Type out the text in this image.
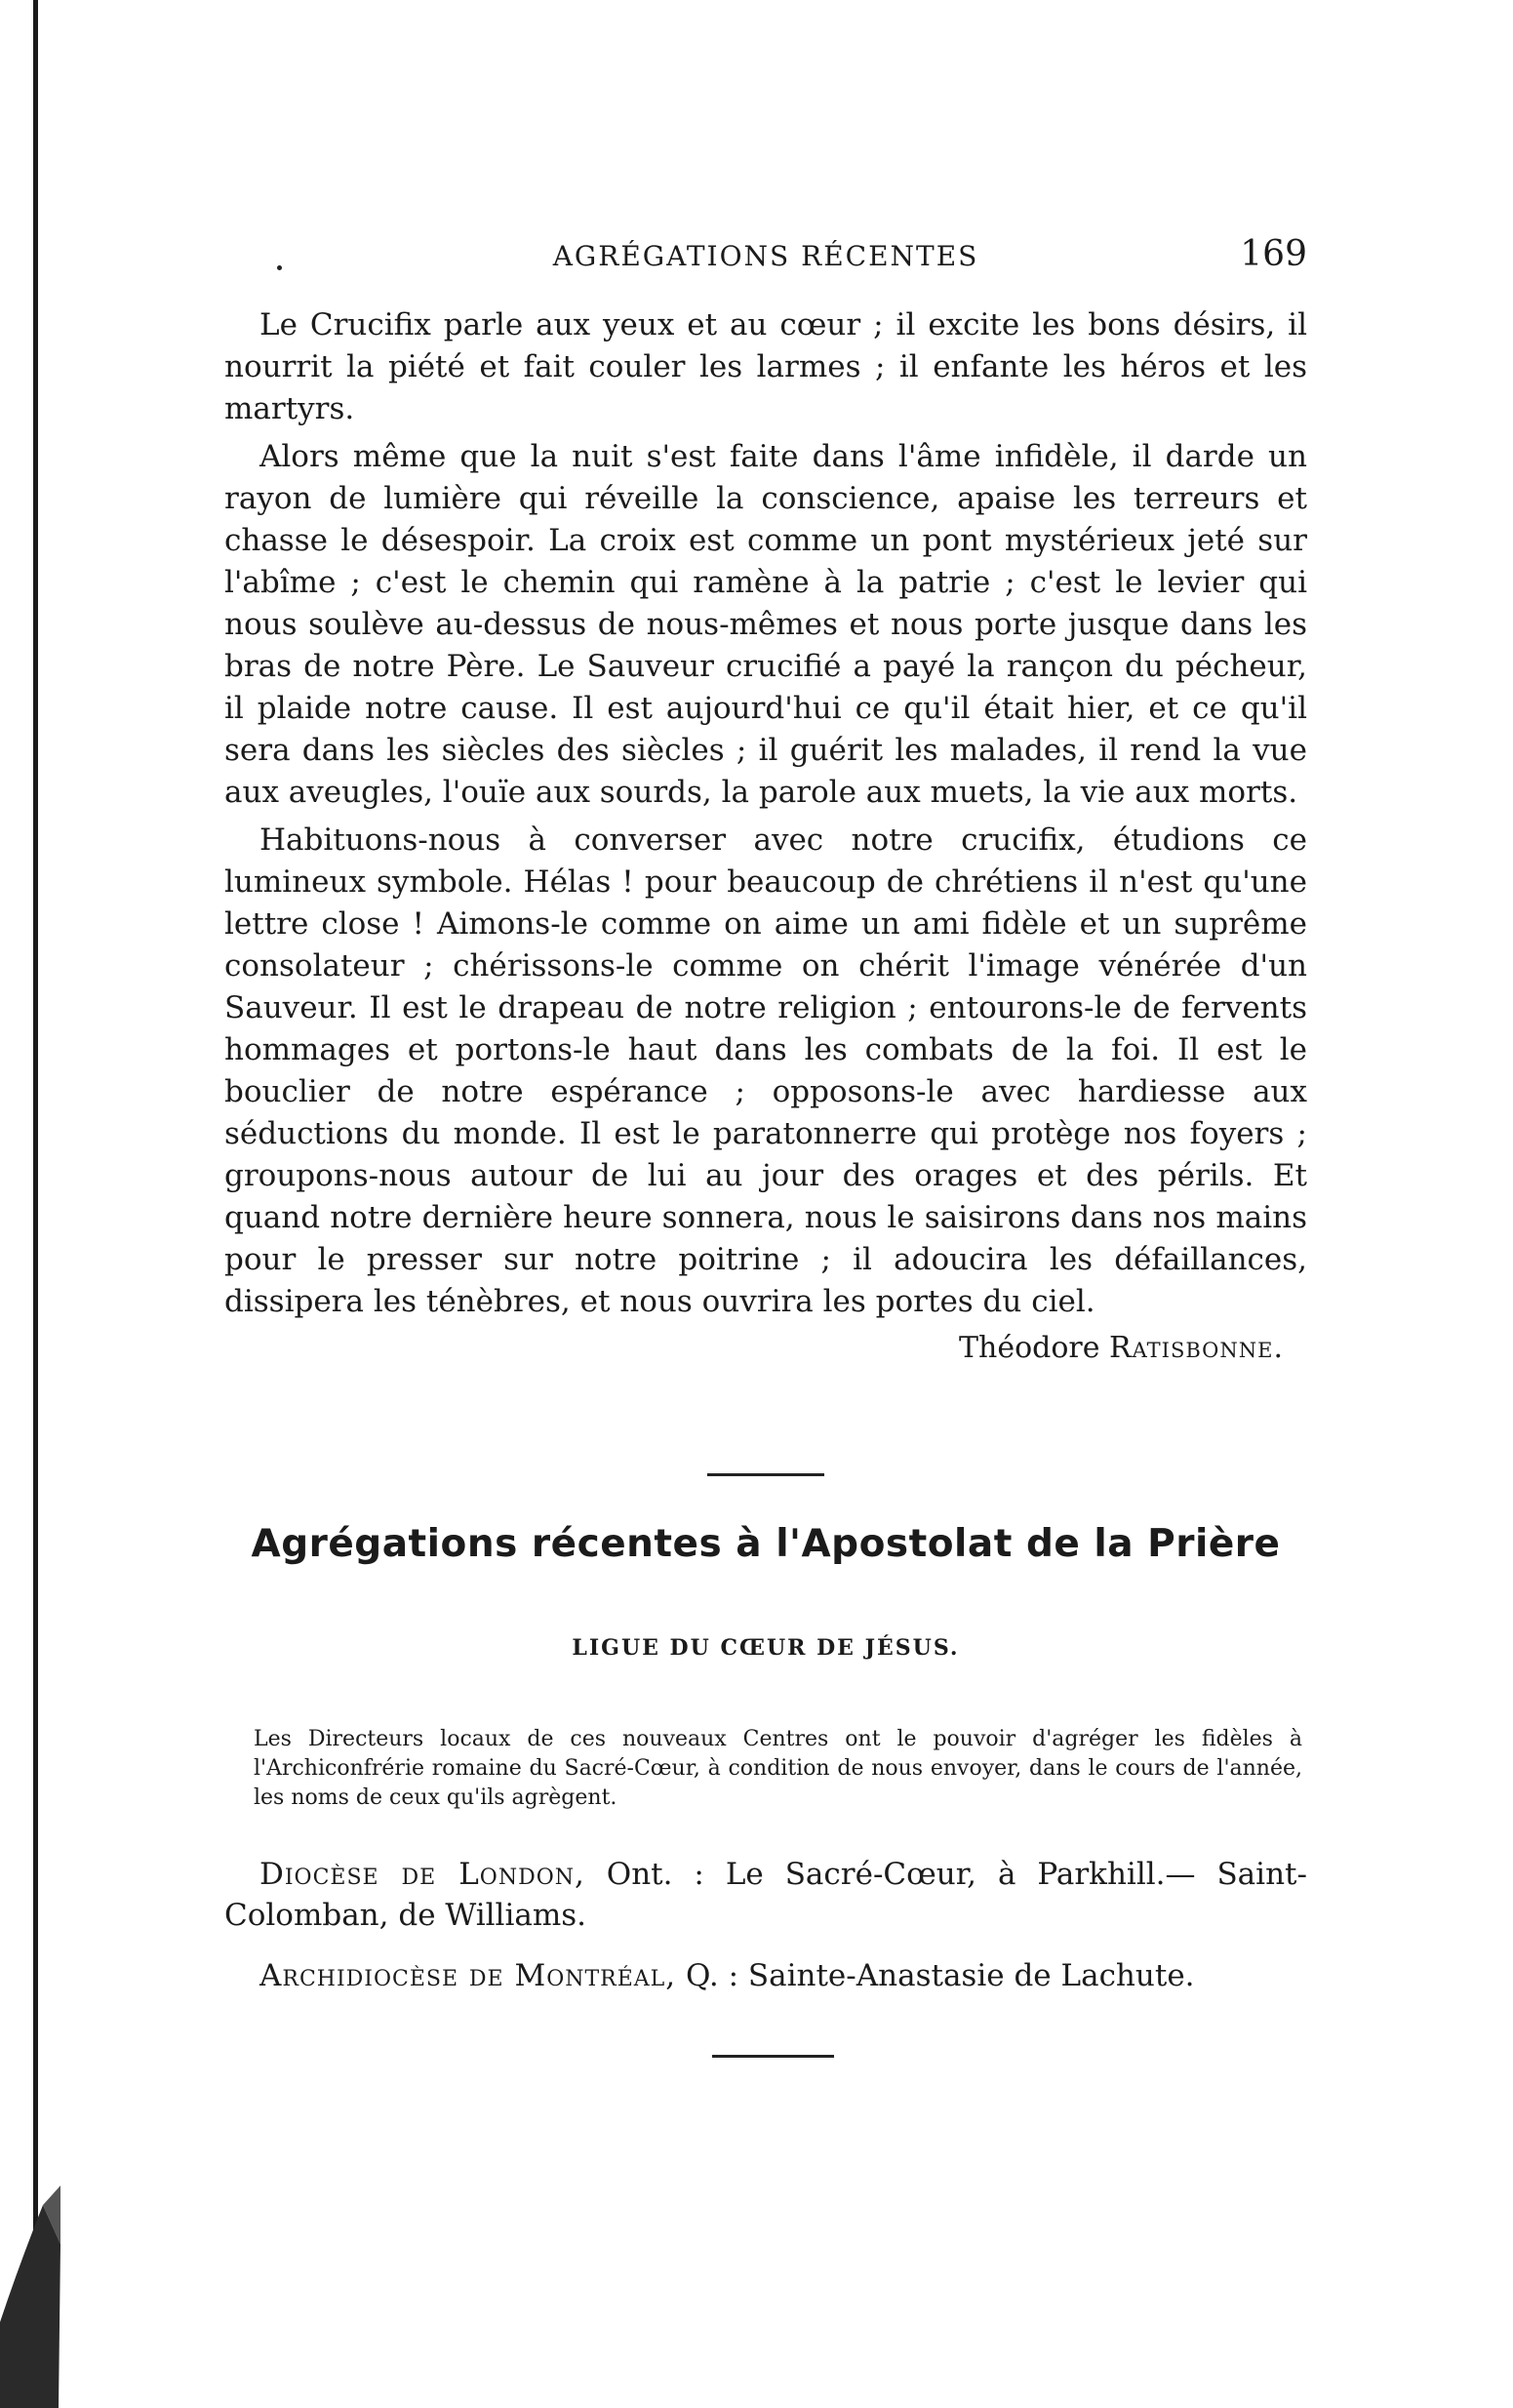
AGRÉGATIONS RÉCENTES	169

Le Crucifix parle aux yeux et au cœur ; il excite les bons désirs, il nourrit la piété et fait couler les larmes ; il enfante les héros et les martyrs.

Alors même que la nuit s'est faite dans l'âme infidèle, il darde un rayon de lumière qui réveille la conscience, apaise les terreurs et chasse le désespoir. La croix est comme un pont mystérieux jeté sur l'abîme ; c'est le chemin qui ramène à la patrie ; c'est le levier qui nous soulève au-dessus de nous-mêmes et nous porte jusque dans les bras de notre Père. Le Sauveur crucifié a payé la rançon du pécheur, il plaide notre cause. Il est aujourd'hui ce qu'il était hier, et ce qu'il sera dans les siècles des siècles ; il guérit les malades, il rend la vue aux aveugles, l'ouïe aux sourds, la parole aux muets, la vie aux morts.

Habituons-nous à converser avec notre crucifix, étudions ce lumineux symbole. Hélas ! pour beaucoup de chrétiens il n'est qu'une lettre close ! Aimons-le comme on aime un ami fidèle et un suprême consolateur ; chérissons-le comme on chérit l'image vénérée d'un Sauveur. Il est le drapeau de notre religion ; entourons-le de fervents hommages et portons-le haut dans les combats de la foi. Il est le bouclier de notre espérance ; opposons-le avec hardiesse aux séductions du monde. Il est le paratonnerre qui protège nos foyers ; groupons-nous autour de lui au jour des orages et des périls. Et quand notre dernière heure sonnera, nous le saisirons dans nos mains pour le presser sur notre poitrine ; il adoucira les défaillances, dissipera les ténèbres, et nous ouvrira les portes du ciel.

Théodore Ratisbonne.
Agrégations récentes à l'Apostolat de la Prière
LIGUE DU CŒUR DE JÉSUS.
Les Directeurs locaux de ces nouveaux Centres ont le pouvoir d'agréger les fidèles à l'Archiconfrérie romaine du Sacré-Cœur, à condition de nous envoyer, dans le cours de l'année, les noms de ceux qu'ils agrègent.

Diocèse de London, Ont. : Le Sacré-Cœur, à Parkhill.— Saint-Colomban, de Williams.

Archidiocèse de Montréal, Q. : Sainte-Anastasie de Lachute.
